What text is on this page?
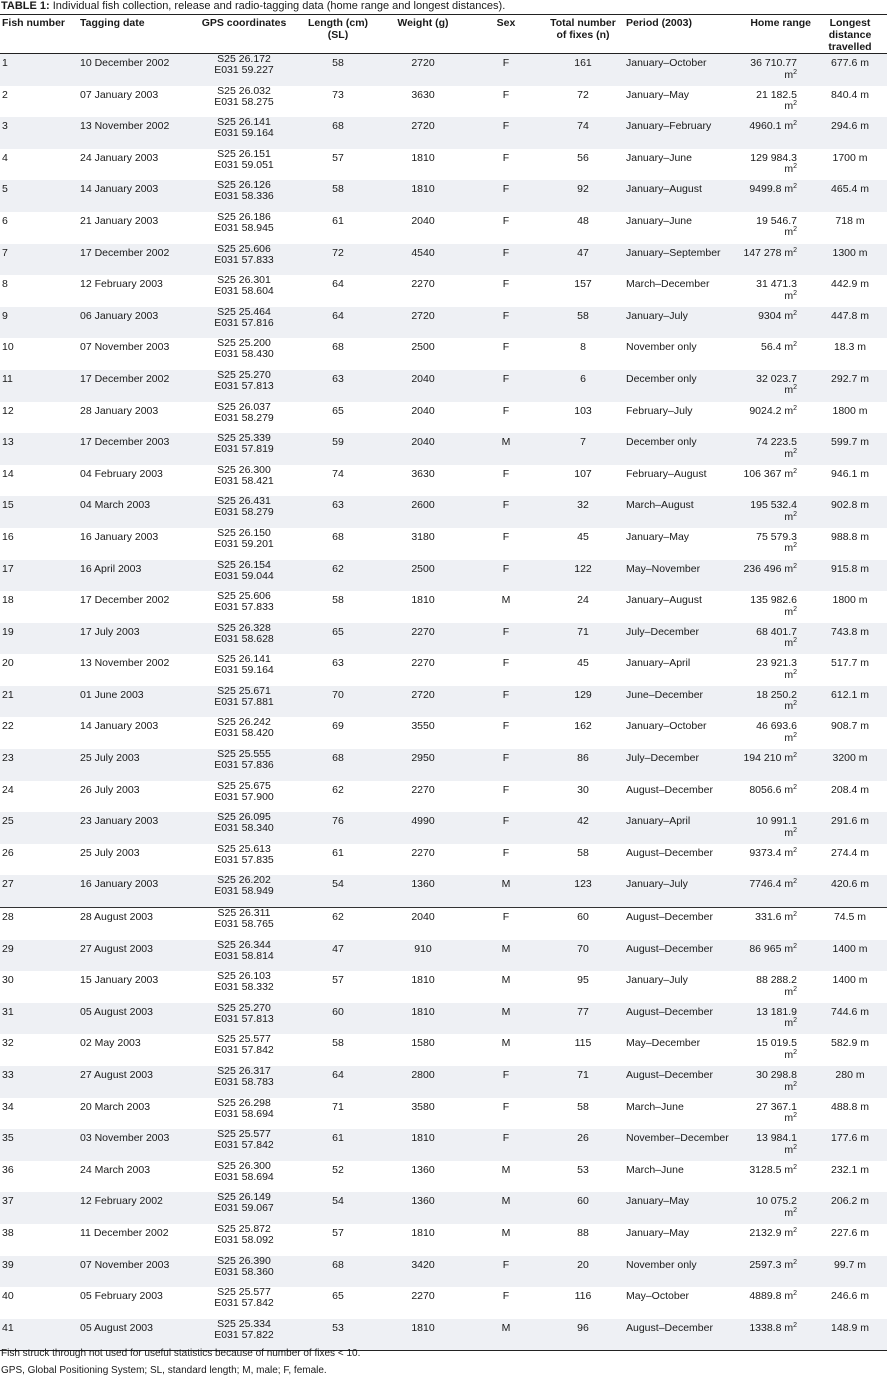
TABLE 1: Individual fish collection, release and radio-tagging data (home range and longest distances).
Fish number	Tagging date	GPS coordinates	Length (cm)
(SL)	Weight (g)	Sex	Total number
of fixes (n)	Period (2003)	Home range	Longest distance
travelled

1	10 December 2002	S25 26.172
E031 59.227	58	2720	F	161	January–October	36 710.77 $m^2$	677.6 m

2	07 January 2003	S25 26.032
E031 58.275	73	3630	F	72	January–May	21 182.5 $m^2$	840.4 m

3	13 November 2002	S25 26.141
E031 59.164	68	2720	F	74	January–February	4960.1 $m^2$	294.6 m

4	24 January 2003	S25 26.151
E031 59.051	57	1810	F	56	January–June	129 984.3 $m^2$	1700 m

5	14 January 2003	S25 26.126
E031 58.336	58	1810	F	92	January–August	9499.8 $m^2$	465.4 m

6	21 January 2003	S25 26.186
E031 58.945	61	2040	F	48	January–June	19 546.7 $m^2$	718 m

7	17 December 2002	S25 25.606
E031 57.833	72	4540	F	47	January–September	147 278 $m^2$	1300 m

8	12 February 2003	S25 26.301
E031 58.604	64	2270	F	157	March–December	31 471.3 $m^2$	442.9 m

9	06 January 2003	S25 25.464
E031 57.816	64	2720	F	58	January–July	9304 $m^2$	447.8 m

10	07 November 2003	S25 25.200
E031 58.430	68	2500	F	8	November only	56.4 $m^2$	18.3 m

11	17 December 2002	S25 25.270
E031 57.813	63	2040	F	6	December only	32 023.7 $m^2$	292.7 m

12	28 January 2003	S25 26.037
E031 58.279	65	2040	F	103	February–July	9024.2 $m^2$	1800 m

13	17 December 2003	S25 25.339
E031 57.819	59	2040	M	7	December only	74 223.5 $m^2$	599.7 m

14	04 February 2003	S25 26.300
E031 58.421	74	3630	F	107	February–August	106 367 $m^2$	946.1 m

15	04 March 2003	S25 26.431
E031 58.279	63	2600	F	32	March–August	195 532.4 $m^2$	902.8 m

16	16 January 2003	S25 26.150
E031 59.201	68	3180	F	45	January–May	75 579.3 $m^2$	988.8 m

17	16 April 2003	S25 26.154
E031 59.044	62	2500	F	122	May–November	236 496 $m^2$	915.8 m

18	17 December 2002	S25 25.606
E031 57.833	58	1810	M	24	January–August	135 982.6 $m^2$	1800 m

19	17 July 2003	S25 26.328
E031 58.628	65	2270	F	71	July–December	68 401.7 $m^2$	743.8 m

20	13 November 2002	S25 26.141
E031 59.164	63	2270	F	45	January–April	23 921.3 $m^2$	517.7 m

21	01 June 2003	S25 25.671
E031 57.881	70	2720	F	129	June–December	18 250.2 $m^2$	612.1 m

22	14 January 2003	S25 26.242
E031 58.420	69	3550	F	162	January–October	46 693.6 $m^2$	908.7 m

23	25 July 2003	S25 25.555
E031 57.836	68	2950	F	86	July–December	194 210 $m^2$	3200 m

24	26 July 2003	S25 25.675
E031 57.900	62	2270	F	30	August–December	8056.6 $m^2$	208.4 m

25	23 January 2003	S25 26.095
E031 58.340	76	4990	F	42	January–April	10 991.1 $m^2$	291.6 m

26	25 July 2003	S25 25.613
E031 57.835	61	2270	F	58	August–December	9373.4 $m^2$	274.4 m

27	16 January 2003	S25 26.202
E031 58.949	54	1360	M	123	January–July	7746.4 $m^2$	420.6 m

28	28 August 2003	S25 26.311
E031 58.765	62	2040	F	60	August–December	331.6 $m^2$	74.5 m

29	27 August 2003	S25 26.344
E031 58.814	47	910	M	70	August–December	86 965 $m^2$	1400 m

30	15 January 2003	S25 26.103
E031 58.332	57	1810	M	95	January–July	88 288.2 $m^2$	1400 m

31	05 August 2003	S25 25.270
E031 57.813	60	1810	M	77	August–December	13 181.9 $m^2$	744.6 m

32	02 May 2003	S25 25.577
E031 57.842	58	1580	M	115	May–December	15 019.5 $m^2$	582.9 m

33	27 August 2003	S25 26.317
E031 58.783	64	2800	F	71	August–December	30 298.8 $m^2$	280 m

34	20 March 2003	S25 26.298
E031 58.694	71	3580	F	58	March–June	27 367.1 $m^2$	488.8 m

35	03 November 2003	S25 25.577
E031 57.842	61	1810	F	26	November–December	13 984.1 $m^2$	177.6 m

36	24 March 2003	S25 26.300
E031 58.694	52	1360	M	53	March–June	3128.5 $m^2$	232.1 m

37	12 February 2002	S25 26.149
E031 59.067	54	1360	M	60	January–May	10 075.2 $m^2$	206.2 m

38	11 December 2002	S25 25.872
E031 58.092	57	1810	M	88	January–May	2132.9 $m^2$	227.6 m

39	07 November 2003	S25 26.390
E031 58.360	68	3420	F	20	November only	2597.3 $m^2$	99.7 m

40	05 February 2003	S25 25.577
E031 57.842	65	2270	F	116	May–October	4889.8 $m^2$	246.6 m

41	05 August 2003	S25 25.334
E031 57.822	53	1810	M	96	August–December	1338.8 $m^2$	148.9 m
Fish struck through not used for useful statistics because of number of fixes < 10.
GPS, Global Positioning System; SL, standard length; M, male; F, female.
